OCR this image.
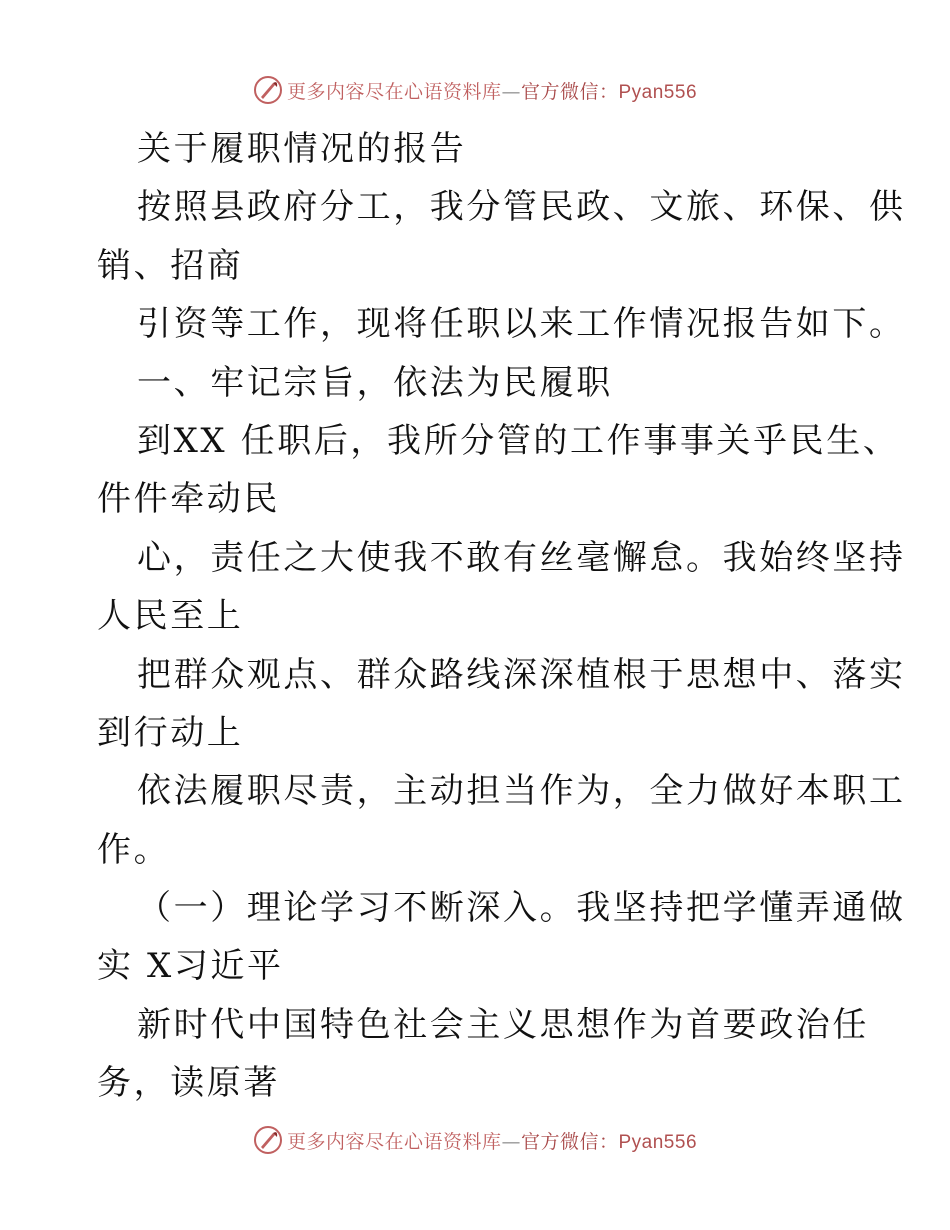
更多内容尽在心语资料库—官方微信：Pyan556
关于履职情况的报告
按照县政府分工，我分管民政、文旅、环保、供
销、招商
引资等工作，现将任职以来工作情况报告如下。
一、牢记宗旨，依法为民履职
到XX 任职后，我所分管的工作事事关乎民生、
件件牵动民
心，责任之大使我不敢有丝毫懈怠。我始终坚持
人民至上
把群众观点、群众路线深深植根于思想中、落实
到行动上
依法履职尽责，主动担当作为，全力做好本职工
作。
（一）理论学习不断深入。我坚持把学懂弄通做
实 X习近平
新时代中国特色社会主义思想作为首要政治任
务，读原著
更多内容尽在心语资料库—官方微信：Pyan556
